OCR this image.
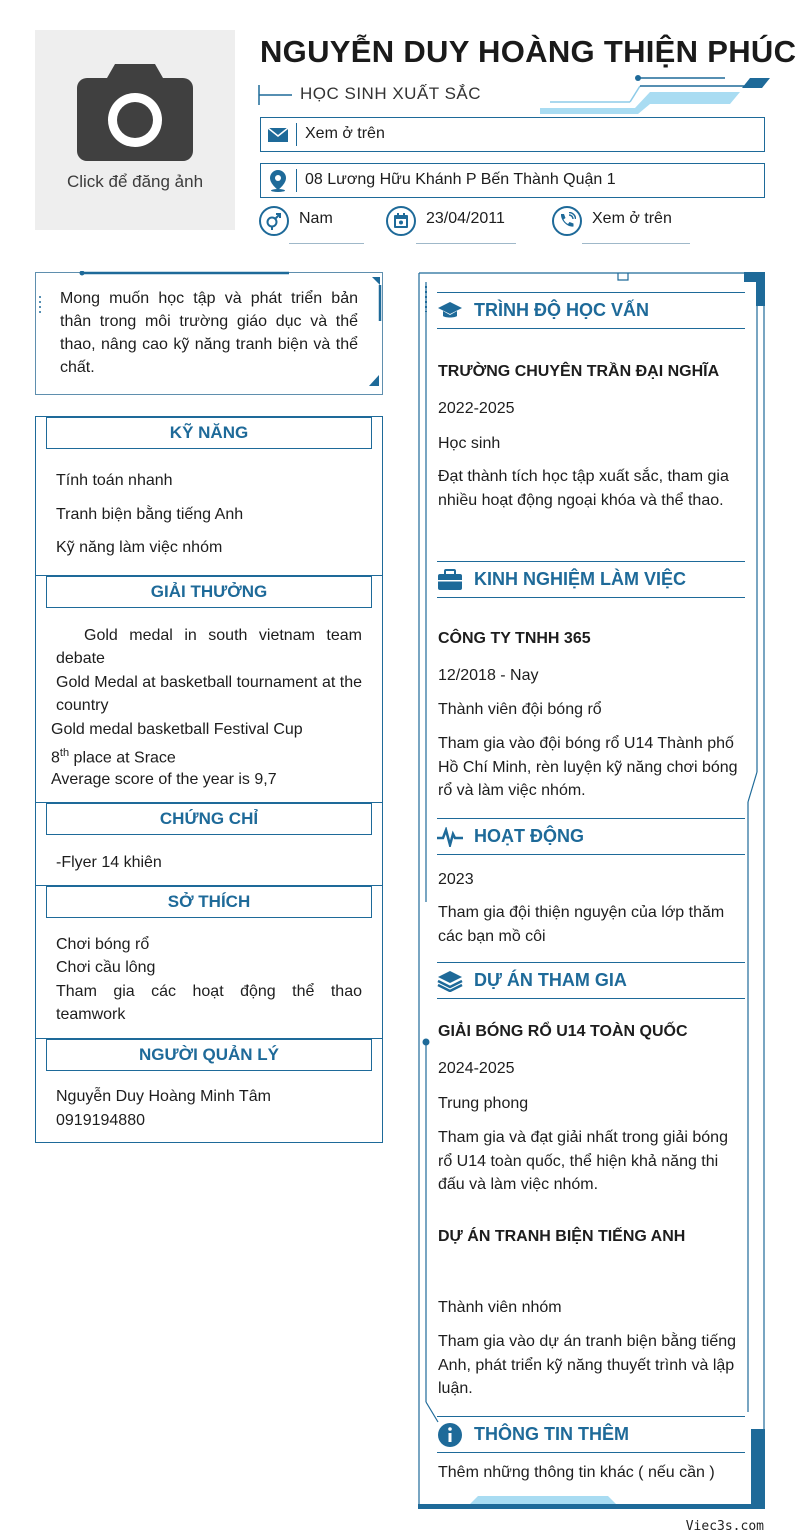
Click để đăng ảnh
NGUYỄN DUY HOÀNG THIỆN PHÚC
HỌC SINH XUẤT SẮC
Xem ở trên
08 Lương Hữu Khánh P Bến Thành Quận 1
Nam	23/04/2011	Xem ở trên
Mong muốn học tập và phát triển bản thân trong môi trường giáo dục và thể thao, nâng cao kỹ năng tranh biện và thể chất.
KỸ NĂNG
Tính toán nhanh
Tranh biện bằng tiếng Anh
Kỹ năng làm việc nhóm
GIẢI THƯỞNG
Gold medal in south vietnam team debate
Gold Medal at basketball tournament at the country
Gold medal basketball Festival Cup
8th place at Srace
Average score of the year is 9,7
CHỨNG CHỈ
-Flyer 14 khiên
SỞ THÍCH
Chơi bóng rổ
Chơi cầu lông
Tham gia các hoạt động thể thao teamwork
NGƯỜI QUẢN LÝ
Nguyễn Duy Hoàng Minh Tâm
0919194880
TRÌNH ĐỘ HỌC VẤN
TRƯỜNG CHUYÊN TRẦN ĐẠI NGHĨA
2022-2025
Học sinh
Đạt thành tích học tập xuất sắc, tham gia nhiều hoạt động ngoại khóa và thể thao.
KINH NGHIỆM LÀM VIỆC
CÔNG TY TNHH 365
12/2018 - Nay
Thành viên đội bóng rổ
Tham gia vào đội bóng rổ U14 Thành phố Hồ Chí Minh, rèn luyện kỹ năng chơi bóng rổ và làm việc nhóm.
HOẠT ĐỘNG
2023
Tham gia đội thiện nguyện của lớp thăm các bạn mồ côi
DỰ ÁN THAM GIA
GIẢI BÓNG RỔ U14 TOÀN QUỐC
2024-2025
Trung phong
Tham gia và đạt giải nhất trong giải bóng rổ U14 toàn quốc, thể hiện khả năng thi đấu và làm việc nhóm.
DỰ ÁN TRANH BIỆN TIẾNG ANH
Thành viên nhóm
Tham gia vào dự án tranh biện bằng tiếng Anh, phát triển kỹ năng thuyết trình và lập luận.
THÔNG TIN THÊM
Thêm những thông tin khác ( nếu cần )
Viec3s.com
